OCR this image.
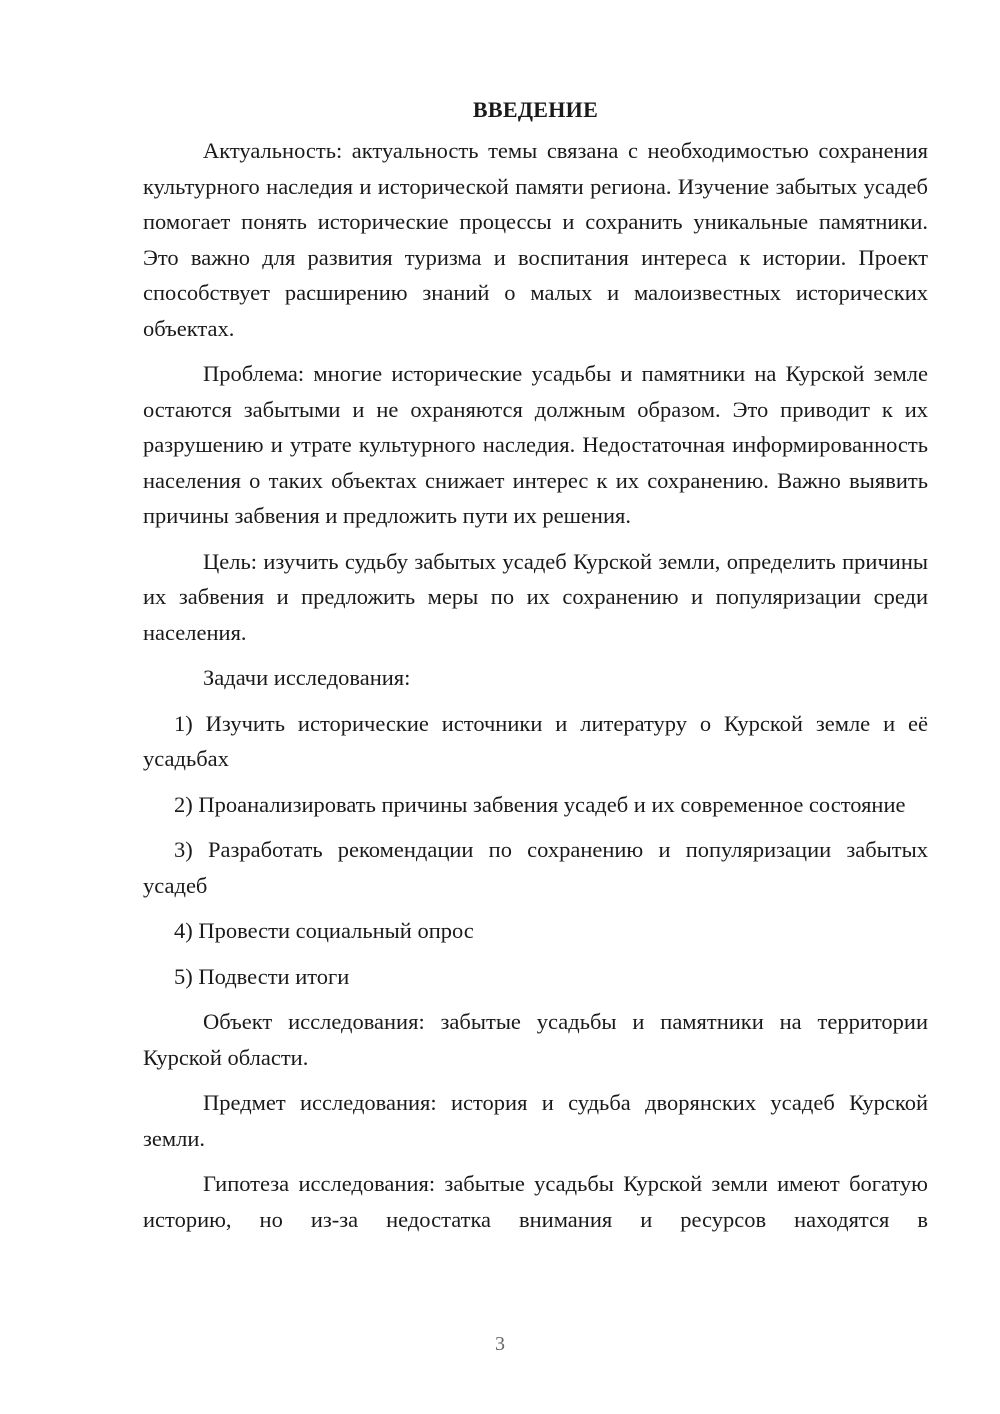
ВВЕДЕНИЕ

Актуальность: актуальность темы связана с необходимостью сохранения культурного наследия и исторической памяти региона. Изучение забытых усадеб помогает понять исторические процессы и сохранить уникальные памятники. Это важно для развития туризма и воспитания интереса к истории. Проект способствует расширению знаний о малых и малоизвестных исторических объектах.

Проблема: многие исторические усадьбы и памятники на Курской земле остаются забытыми и не охраняются должным образом. Это приводит к их разрушению и утрате культурного наследия. Недостаточная информированность населения о таких объектах снижает интерес к их сохранению. Важно выявить причины забвения и предложить пути их решения.

Цель: изучить судьбу забытых усадеб Курской земли, определить причины их забвения и предложить меры по их сохранению и популяризации среди населения.

Задачи исследования:

1) Изучить исторические источники и литературу о Курской земле и её усадьбах

2) Проанализировать причины забвения усадеб и их современное состояние

3) Разработать рекомендации по сохранению и популяризации забытых усадеб

4) Провести социальный опрос

5) Подвести итоги

Объект исследования: забытые усадьбы и памятники на территории Курской области.

Предмет исследования: история и судьба дворянских усадеб Курской земли.

Гипотеза исследования: забытые усадьбы Курской земли имеют богатую историю, но из-за недостатка внимания и ресурсов находятся в

3
